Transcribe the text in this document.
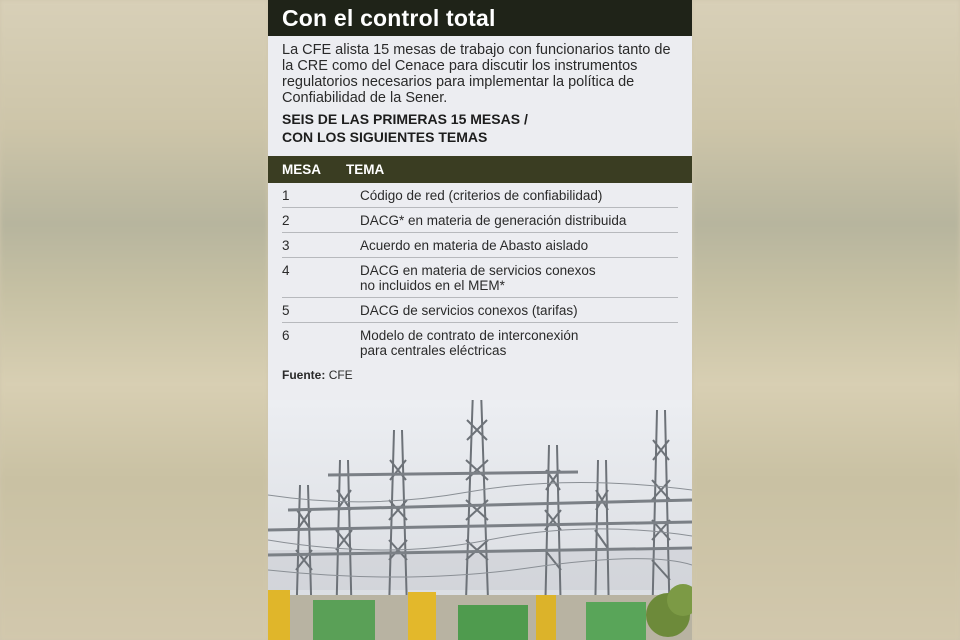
Con el control total
La CFE alista 15 mesas de trabajo con funcionarios tanto de la CRE como del Cenace para discutir los instrumentos regulatorios necesarios para implementar la política de Confiabilidad de la Sener.
SEIS DE LAS PRIMERAS 15 MESAS /
CON LOS SIGUIENTES TEMAS
MESA	TEMA
1	Código de red (criterios de confiabilidad)
2	DACG* en materia de generación distribuida
3	Acuerdo en materia de Abasto aislado
4	DACG en materia de servicios conexos
no incluidos en el MEM*
5	DACG de servicios conexos (tarifas)
6	Modelo de contrato de interconexión
para centrales eléctricas
Fuente: CFE
